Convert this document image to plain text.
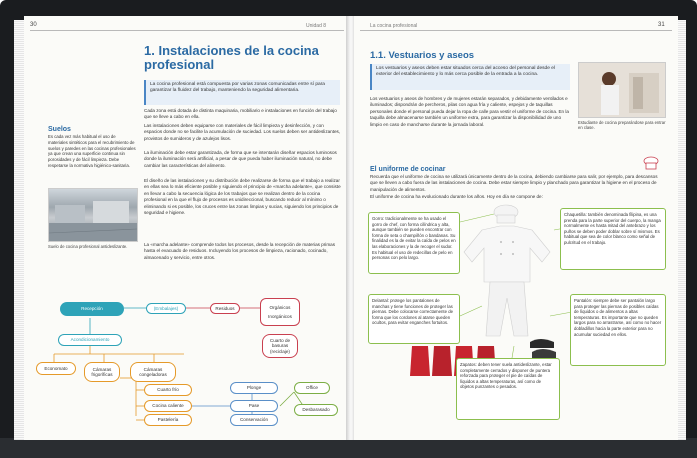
30	Unidad 8
1. Instalaciones de la cocina profesional
La cocina profesional está compuesta por varias zonas comunicadas entre sí para garantizar la fluidez del trabajo, manteniendo la seguridad alimentaria.
Cada zona está dotada de distinta maquinaria, mobiliario e instalaciones en función del trabajo que se lleve a cabo en ella.
Las instalaciones deben equiparse con materiales de fácil limpieza y desinfección, y con espacios donde no se facilite la acumulación de suciedad. Los suelos deben ser antideslizantes, provistos de sumideros y de azulejos lisos.
La iluminación debe estar garantizada, de forma que se intentarán diseñar espacios luminosos donde la iluminación será artificial, a pesar de que pueda haber iluminación natural, no debe cambiar las características del alimento.
El diseño de las instalaciones y su distribución debe realizarse de forma que el trabajo a realizar en ellas sea lo más eficiente posible y siguiendo el principio de «marcha adelante», que consiste en llevar a cabo la secuencia lógica de los trabajos que se realizan dentro de la cocina profesional en la que el flujo de procesos es unidireccional, buscando reducir al mínimo o eliminando si es posible, los cruces entre las zonas limpias y sucias, siguiendo los principios de seguridad e higiene.
La «marcha adelante» comprende todos los procesos, desde la recepción de materias primas hasta el evacuado de residuos. Incluyendo los procesos de limpieza, racionado, cocinado, almacenado y servicio, entre otros.
Suelos
Es cada vez más habitual el uso de materiales sintéticos para el recubrimiento de suelos y paredes en las cocinas profesionales ya que crean una superficie continua sin porosidades y de fácil limpieza. Debe respetarse la normativa higiénico-sanitaria.
Suelo de cocina profesional antideslizante.
Recepción	(Embalajes)	Residuos	Orgánicos
Inorgánicos
Cuarto de basuras (reciclaje)
Acondicionamiento
Economato	Cámaras frigoríficas
Cámaras congeladoras
Cuarto frío
Cocina caliente
Pastelería
Plonge
Pase
Conservación
Office
Desbarasado
La cocina profesional	31
1.1. Vestuarios y aseos
Los vestuarios y aseos deben estar situados cerca del acceso del personal desde el exterior del establecimiento y lo más cerca posible de la entrada a la cocina.
Los vestuarios y aseos de hombres y de mujeres estarán separados, y debidamente ventilados e iluminados; dispondrán de percheros, pilas con agua fría y caliente, espejos y de taquillas personales donde el personal pueda dejar la ropa de calle para vestir el uniforme de cocina. En la taquilla debe almacenarse también un uniforme extra, para garantizar la disponibilidad de uno limpio en caso de mancharse durante la jornada laboral.	Estudiante de cocina preparándose para entrar en clase.
El uniforme de cocinar
Recuerda que el uniforme de cocina se utilizará únicamente dentro de la cocina, debiendo cambiarse para salir, por ejemplo, para descansos que se lleven a cabo fuera de las instalaciones de cocina. Debe estar siempre limpio y planchado para garantizar la higiene en el proceso de manipulación de alimentos.
El uniforme de cocina ha evolucionado durante los años. Hoy en día se compone de:
Gorro: tradicionalmente se ha usado el gorro de chef, con forma cilíndrica y alta, aunque también se pueden encontrar con forma de seta o champiñón o bandanas. Su finalidad es la de evitar la caída de pelos en las elaboraciones y la de recoger el sudor. Es habitual el uso de redecillas de pelo en personas con pelo largo.
Chaquetilla: también denominada filipina, es una prenda para la parte superior del cuerpo, la manga normalmente es hasta mitad del antebrazo y los puños se deben poder doblar sobre sí mismos. Es habitual que sea de color blanco como señal de pulcritud en el trabajo.
Delantal: protege los pantalones de manchas y tiene funciones de proteger las piernas. Debe colocarse correctamente de forma que los cordones al atarse queden ocultos, para evitar enganches fortuitos.
Pantalón: siempre debe ser pantalón largo para proteger las piernas de posibles caídas de líquidos o de alimentos a altas temperaturas. Es importante que no queden largos para no arrastrarse, así como no hacer dobladillos hacia la parte exterior para no acumular suciedad en ellos.
Zapatos: deben tener suela antideslizante, estar completamente cerrados y disponer de puntera reforzada para proteger el pie de caídas de líquidos a altas temperaturas, así como de objetos punzantes o pesados.
